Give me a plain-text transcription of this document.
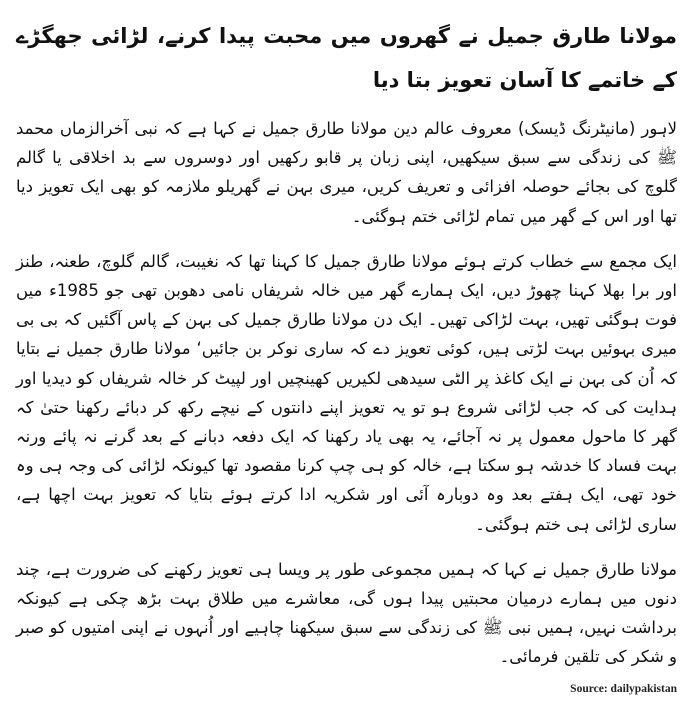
مولانا طارق جمیل نے گھروں میں محبت پیدا کرنے، لڑائی جھگڑے کے خاتمے کا آسان تعویز بتا دیا

لاہور (مانیٹرنگ ڈیسک) معروف عالم دین مولانا طارق جمیل نے کہا ہے کہ نبی آخرالزماں محمد ﷺ کی زندگی سے سبق سیکھیں، اپنی زبان پر قابو رکھیں اور دوسروں سے بد اخلاقی یا گالم گلوچ کی بجائے حوصلہ افزائی و تعریف کریں، میری بہن نے گھریلو ملازمہ کو بھی ایک تعویز دیا تھا اور اس کے گھر میں تمام لڑائی ختم ہوگئی۔

ایک مجمع سے خطاب کرتے ہوئے مولانا طارق جمیل کا کہنا تھا کہ نغیبت، گالم گلوچ، طعنہ، طنز اور برا بھلا کہنا چھوڑ دیں، ایک ہمارے گھر میں خالہ شریفاں نامی دھوبن تھی جو 1985ء میں فوت ہوگئی تھیں، بہت لڑاکی تھیں۔ ایک دن مولانا طارق جمیل کی بہن کے پاس آگئیں کہ بی بی میری بہوئیں بہت لڑتی ہیں، کوئی تعویز دے کہ ساری نوکر بن جائیں‘ مولانا طارق جمیل نے بتایا کہ اُن کی بہن نے ایک کاغذ پر الٹی سیدھی لکیریں کھینچیں اور لپیٹ کر خالہ شریفاں کو دیدیا اور ہدایت کی کہ جب لڑائی شروع ہو تو یہ تعویز اپنے دانتوں کے نیچے رکھ کر دبائے رکھنا حتیٰ کہ گھر کا ماحول معمول پر نہ آجائے، یہ بھی یاد رکھنا کہ ایک دفعہ دبانے کے بعد گرنے نہ پائے ورنہ بہت فساد کا خدشہ ہو سکتا ہے، خالہ کو ہی چپ کرنا مقصود تھا کیونکہ لڑائی کی وجہ ہی وہ خود تھی، ایک ہفتے بعد وہ دوبارہ آئی اور شکریہ ادا کرتے ہوئے بتایا کہ تعویز بہت اچھا ہے، ساری لڑائی ہی ختم ہوگئی۔

مولانا طارق جمیل نے کہا کہ ہمیں مجموعی طور پر ویسا ہی تعویز رکھنے کی ضرورت ہے، چند دنوں میں ہمارے درمیان محبتیں پیدا ہوں گی، معاشرے میں طلاق بہت بڑھ چکی ہے کیونکہ برداشت نہیں، ہمیں نبی ﷺ کی زندگی سے سبق سیکھنا چاہیے اور اُنہوں نے اپنی امتیوں کو صبر و شکر کی تلقین فرمائی۔

Source: dailypakistan
